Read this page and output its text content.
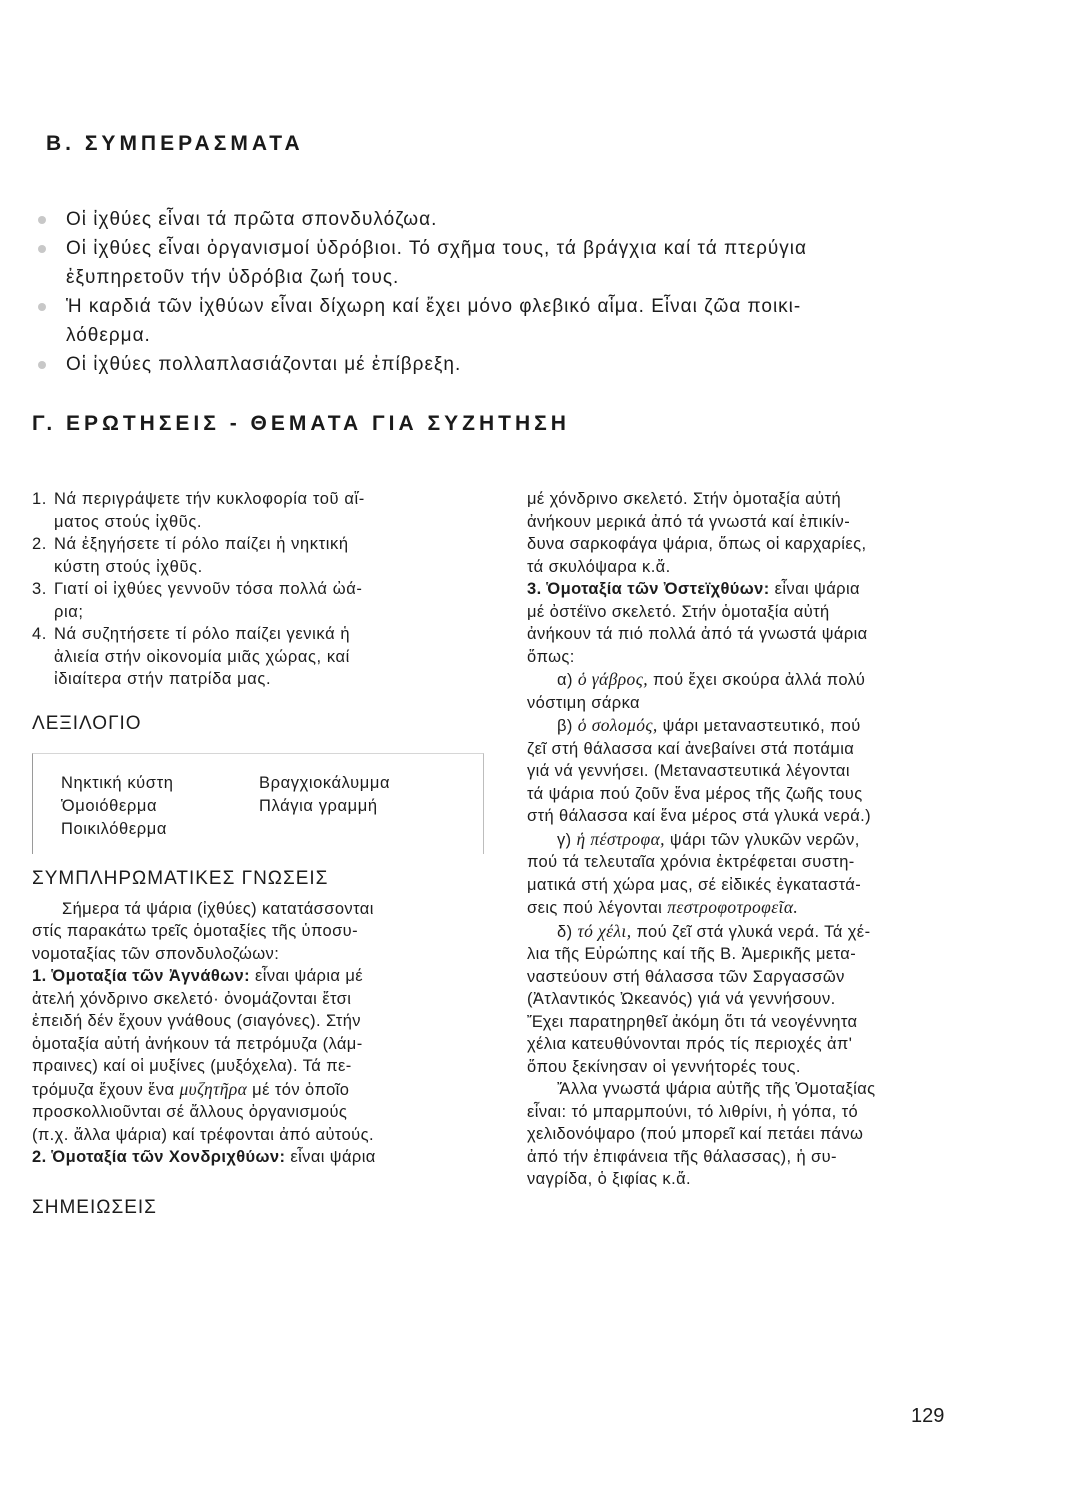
Β. ΣΥΜΠΕΡΑΣΜΑΤΑ
Οἱ ἰχθύες εἶναι τά πρῶτα σπονδυλόζωα.
Οἱ ἰχθύες εἶναι ὀργανισμοί ὑδρόβιοι. Τό σχῆμα τους, τά βράγχια καί τά πτερύγια
ἐξυπηρετοῦν τήν ὑδρόβια ζωή τους.
Ἡ καρδιά τῶν ἰχθύων εἶναι δίχωρη καί ἔχει μόνο φλεβικό αἷμα. Εἶναι ζῶα ποικι-
λόθερμα.
Οἱ ἰχθύες πολλαπλασιάζονται μέ ἐπίβρεξη.
Γ. ΕΡΩΤΗΣΕΙΣ - ΘΕΜΑΤΑ ΓΙΑ ΣΥΖΗΤΗΣΗ
1. Νά περιγράψετε τήν κυκλοφορία τοῦ αἵ-
ματος στούς ἰχθῦς.
2. Νά ἐξηγήσετε τί ρόλο παίζει ἡ νηκτική
κύστη στούς ἰχθῦς.
3. Γιατί οἱ ἰχθύες γεννοῦν τόσα πολλά ὠά-
ρια;
4. Νά συζητήσετε τί ρόλο παίζει γενικά ἡ
ἁλιεία στήν οἰκονομία μιᾶς χώρας, καί
ἰδιαίτερα στήν πατρίδα μας.
ΛΕΞΙΛΟΓΙΟ
Νηκτική κύστη
Ὁμοιόθερμα
Ποικιλόθερμα
Βραγχιοκάλυμμα
Πλάγια γραμμή
ΣΥΜΠΛΗΡΩΜΑΤΙΚΕΣ ΓΝΩΣΕΙΣ
Σήμερα τά ψάρια (ἰχθύες) κατατάσσονται
στίς παρακάτω τρεῖς ὁμοταξίες τῆς ὑποσυ-
νομοταξίας τῶν σπονδυλοζώων:
1. Ὁμοταξία τῶν Ἀγνάθων: εἶναι ψάρια μέ
ἀτελή χόνδρινο σκελετό· ὀνομάζονται ἔτσι
ἐπειδή δέν ἔχουν γνάθους (σιαγόνες). Στήν
ὁμοταξία αὐτή ἀνήκουν τά πετρόμυζα (λάμ-
πραινες) καί οἱ μυξίνες (μυξόχελα). Τά πε-
τρόμυζα ἔχουν ἕνα μυζητῆρα μέ τόν ὁποῖο
προσκολλιοῦνται σέ ἄλλους ὀργανισμούς
(π.χ. ἄλλα ψάρια) καί τρέφονται ἀπό αὐτούς.
2. Ὁμοταξία τῶν Χονδριχθύων: εἶναι ψάρια
ΣΗΜΕΙΩΣΕΙΣ
μέ χόνδρινο σκελετό. Στήν ὁμοταξία αὐτή
ἀνήκουν μερικά ἀπό τά γνωστά καί ἐπικίν-
δυνα σαρκοφάγα ψάρια, ὅπως οἱ καρχαρίες,
τά σκυλόψαρα κ.ἄ.
3. Ὁμοταξία τῶν Ὀστεϊχθύων: εἶναι ψάρια
μέ ὀστέϊνο σκελετό. Στήν ὁμοταξία αὐτή
ἀνήκουν τά πιό πολλά ἀπό τά γνωστά ψάρια
ὅπως:
α) ὁ γάβρος, πού ἔχει σκούρα ἀλλά πολύ
νόστιμη σάρκα
β) ὁ σολομός, ψάρι μεταναστευτικό, πού
ζεῖ στή θάλασσα καί ἀνεβαίνει στά ποτάμια
γιά νά γεννήσει. (Μεταναστευτικά λέγονται
τά ψάρια πού ζοῦν ἕνα μέρος τῆς ζωῆς τους
στή θάλασσα καί ἕνα μέρος στά γλυκά νερά.)
γ) ἡ πέστροφα, ψάρι τῶν γλυκῶν νερῶν,
πού τά τελευταῖα χρόνια ἐκτρέφεται συστη-
ματικά στή χώρα μας, σέ εἰδικές ἐγκαταστά-
σεις πού λέγονται πεστροφοτροφεῖα.
δ) τό χέλι, πού ζεῖ στά γλυκά νερά. Τά χέ-
λια τῆς Εὐρώπης καί τῆς Β. Ἀμερικῆς μετα-
ναστεύουν στή θάλασσα τῶν Σαργασσῶν
(Ἀτλαντικός Ὠκεανός) γιά νά γεννήσουν.
Ἔχει παρατηρηθεῖ ἀκόμη ὅτι τά νεογέννητα
χέλια κατευθύνονται πρός τίς περιοχές ἀπ'
ὅπου ξεκίνησαν οἱ γεννήτορές τους.
Ἄλλα γνωστά ψάρια αὐτῆς τῆς Ὁμοταξίας
εἶναι: τό μπαρμπούνι, τό λιθρίνι, ἡ γόπα, τό
χελιδονόψαρο (πού μπορεῖ καί πετάει πάνω
ἀπό τήν ἐπιφάνεια τῆς θάλασσας), ἡ συ-
ναγρίδα, ὁ ξιφίας κ.ἄ.
129
